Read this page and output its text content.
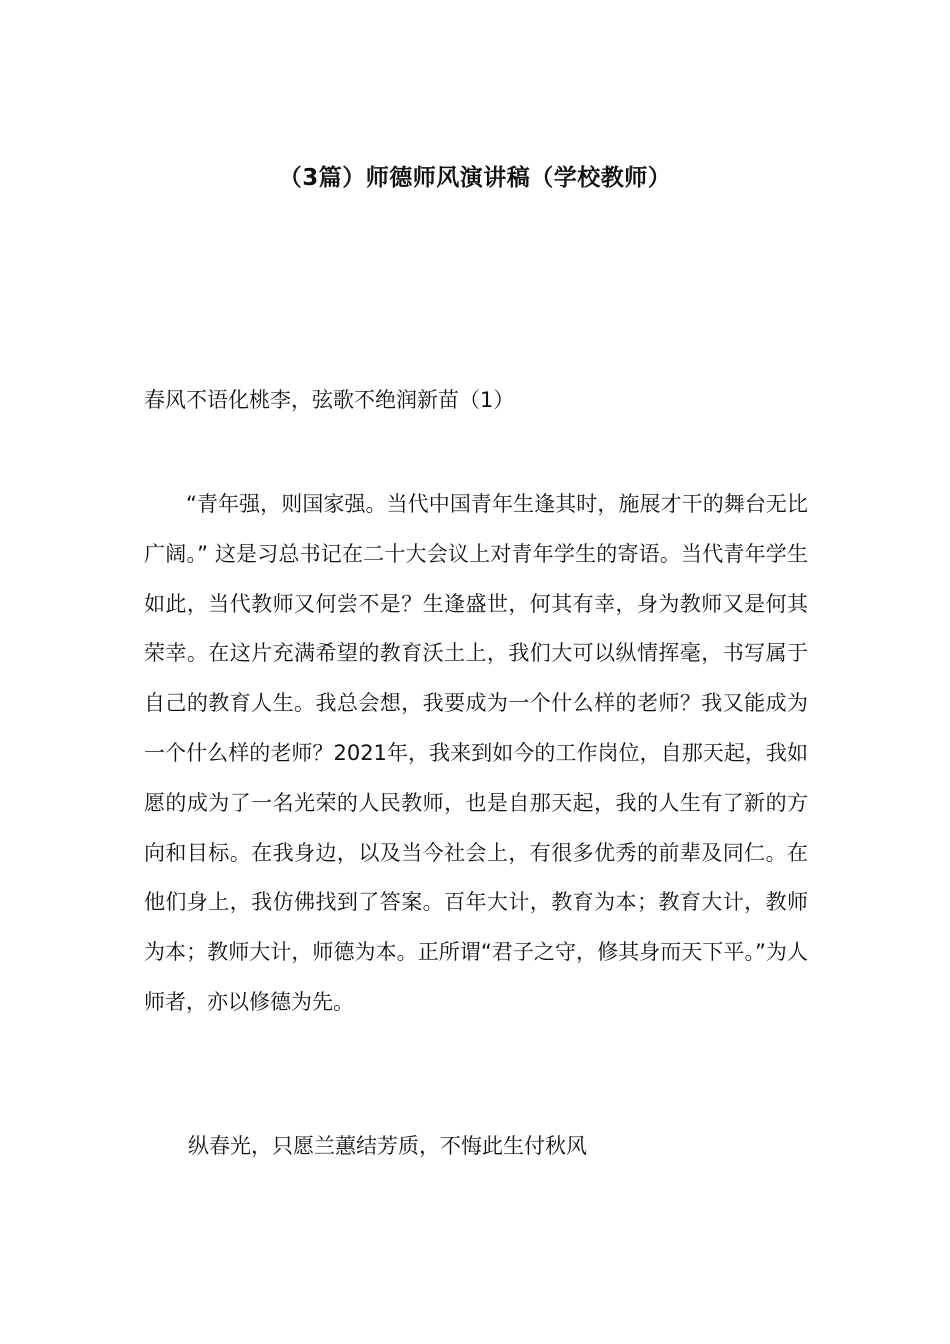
（3篇）师德师风演讲稿（学校教师）
春风不语化桃李，弦歌不绝润新苗（1）

“青年强，则国家强。当代中国青年生逢其时，施展才干的舞台无比广阔。” 这是习总书记在二十大会议上对青年学生的寄语。当代青年学生如此，当代教师又何尝不是？生逢盛世，何其有幸，身为教师又是何其荣幸。在这片充满希望的教育沃土上，我们大可以纵情挥毫，书写属于自己的教育人生。我总会想，我要成为一个什么样的老师？我又能成为一个什么样的老师？2021年，我来到如今的工作岗位，自那天起，我如愿的成为了一名光荣的人民教师，也是自那天起，我的人生有了新的方向和目标。在我身边，以及当今社会上，有很多优秀的前辈及同仁。在他们身上，我仿佛找到了答案。百年大计，教育为本；教育大计，教师为本；教师大计，师德为本。正所谓“君子之守，修其身而天下平。”为人师者，亦以修德为先。

纵春光，只愿兰蕙结芳质，不悔此生付秋风
